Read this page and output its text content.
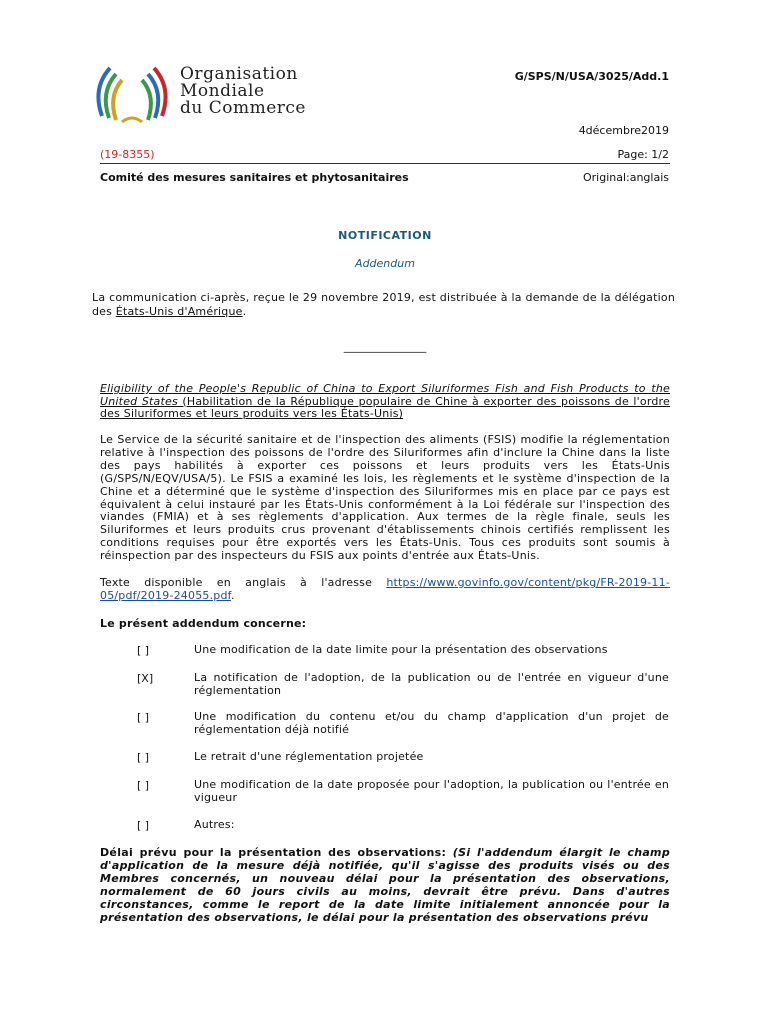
Organisation
Mondiale
du Commerce
G/SPS/N/USA/3025/Add.1
4décembre2019
(19-8355)	Page: 1/2
Comité des mesures sanitaires et phytosanitaires	Original:anglais
NOTIFICATION
Addendum
La communication ci-après, reçue le 29 novembre 2019, est distribuée à la demande de la délégation des États-Unis d'Amérique.
_______________
Eligibility of the People's Republic of China to Export Siluriformes Fish and Fish Products to the United States (Habilitation de la République populaire de Chine à exporter des poissons de l'ordre des Siluriformes et leurs produits vers les États-Unis)
Le Service de la sécurité sanitaire et de l'inspection des aliments (FSIS) modifie la réglementation relative à l'inspection des poissons de l'ordre des Siluriformes afin d'inclure la Chine dans la liste des pays habilités à exporter ces poissons et leurs produits vers les États-Unis (G/SPS/N/EQV/USA/5). Le FSIS a examiné les lois, les règlements et le système d'inspection de la Chine et a déterminé que le système d'inspection des Siluriformes mis en place par ce pays est équivalent à celui instauré par les États-Unis conformément à la Loi fédérale sur l'inspection des viandes (FMIA) et à ses règlements d'application. Aux termes de la règle finale, seuls les Siluriformes et leurs produits crus provenant d'établissements chinois certifiés remplissent les conditions requises pour être exportés vers les États-Unis. Tous ces produits sont soumis à réinspection par des inspecteurs du FSIS aux points d'entrée aux États-Unis.
Texte disponible en anglais à l'adresse https://www.govinfo.gov/content/pkg/FR-2019-11-05/pdf/2019-24055.pdf.
Le présent addendum concerne:
[ ]	Une modification de la date limite pour la présentation des observations
[X]	La notification de l'adoption, de la publication ou de l'entrée en vigueur d'une réglementation
[ ]	Une modification du contenu et/ou du champ d'application d'un projet de réglementation déjà notifié
[ ]	Le retrait d'une réglementation projetée
[ ]	Une modification de la date proposée pour l'adoption, la publication ou l'entrée en vigueur
[ ]	Autres:
Délai prévu pour la présentation des observations: (Si l'addendum élargit le champ d'application de la mesure déjà notifiée, qu'il s'agisse des produits visés ou des Membres concernés, un nouveau délai pour la présentation des observations, normalement de 60 jours civils au moins, devrait être prévu. Dans d'autres circonstances, comme le report de la date limite initialement annoncée pour la présentation des observations, le délai pour la présentation des observations prévu
